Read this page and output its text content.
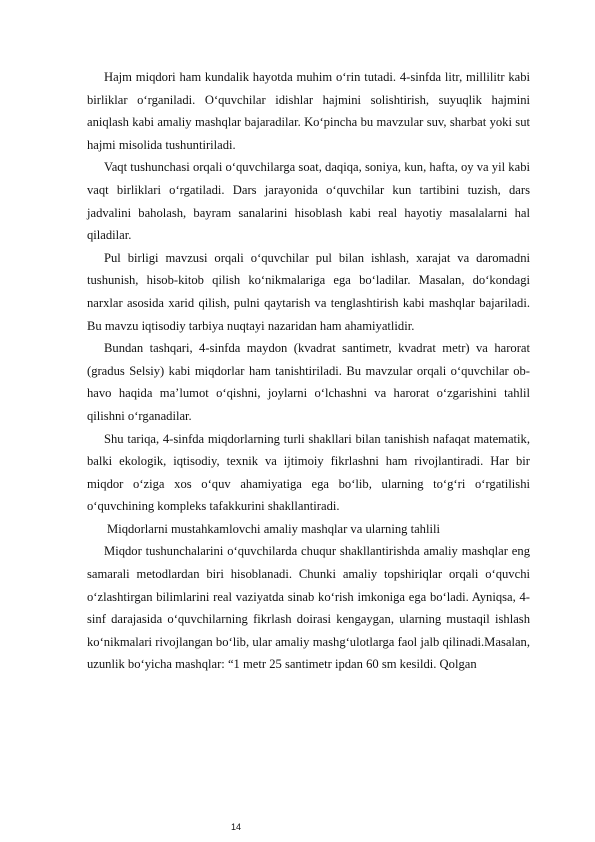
Hajm miqdori ham kundalik hayotda muhim o‘rin tutadi. 4-sinfda litr, millilitr kabi birliklar o‘rganiladi. O‘quvchilar idishlar hajmini solishtirish, suyuqlik hajmini aniqlash kabi amaliy mashqlar bajaradilar. Ko‘pincha bu mavzular suv, sharbat yoki sut hajmi misolida tushuntiriladi.

Vaqt tushunchasi orqali o‘quvchilarga soat, daqiqa, soniya, kun, hafta, oy va yil kabi vaqt birliklari o‘rgatiladi. Dars jarayonida o‘quvchilar kun tartibini tuzish, dars jadvalini baholash, bayram sanalarini hisoblash kabi real hayotiy masalalarni hal qiladilar.

Pul birligi mavzusi orqali o‘quvchilar pul bilan ishlash, xarajat va daromadni tushunish, hisob-kitob qilish ko‘nikmalariga ega bo‘ladilar. Masalan, do‘kondagi narxlar asosida xarid qilish, pulni qaytarish va tenglashtirish kabi mashqlar bajariladi. Bu mavzu iqtisodiy tarbiya nuqtayi nazaridan ham ahamiyatlidir.

Bundan tashqari, 4-sinfda maydon (kvadrat santimetr, kvadrat metr) va harorat (gradus Selsiy) kabi miqdorlar ham tanishtiriladi. Bu mavzular orqali o‘quvchilar ob-havo haqida ma’lumot o‘qishni, joylarni o‘lchashni va harorat o‘zgarishini tahlil qilishni o‘rganadilar.

Shu tariqa, 4-sinfda miqdorlarning turli shakllari bilan tanishish nafaqat matematik, balki ekologik, iqtisodiy, texnik va ijtimoiy fikrlashni ham rivojlantiradi. Har bir miqdor o‘ziga xos o‘quv ahamiyatiga ega bo‘lib, ularning to‘g‘ri o‘rgatilishi o‘quvchining kompleks tafakkurini shakllantiradi.

Miqdorlarni mustahkamlovchi amaliy mashqlar va ularning tahlili

Miqdor tushunchalarini o‘quvchilarda chuqur shakllantirishda amaliy mashqlar eng samarali metodlardan biri hisoblanadi. Chunki amaliy topshiriqlar orqali o‘quvchi o‘zlashtirgan bilimlarini real vaziyatda sinab ko‘rish imkoniga ega bo‘ladi. Ayniqsa, 4-sinf darajasida o‘quvchilarning fikrlash doirasi kengaygan, ularning mustaqil ishlash ko‘nikmalari rivojlangan bo‘lib, ular amaliy mashg‘ulotlarga faol jalb qilinadi.Masalan, uzunlik bo‘yicha mashqlar: “1 metr 25 santimetr ipdan 60 sm kesildi. Qolgan

14
